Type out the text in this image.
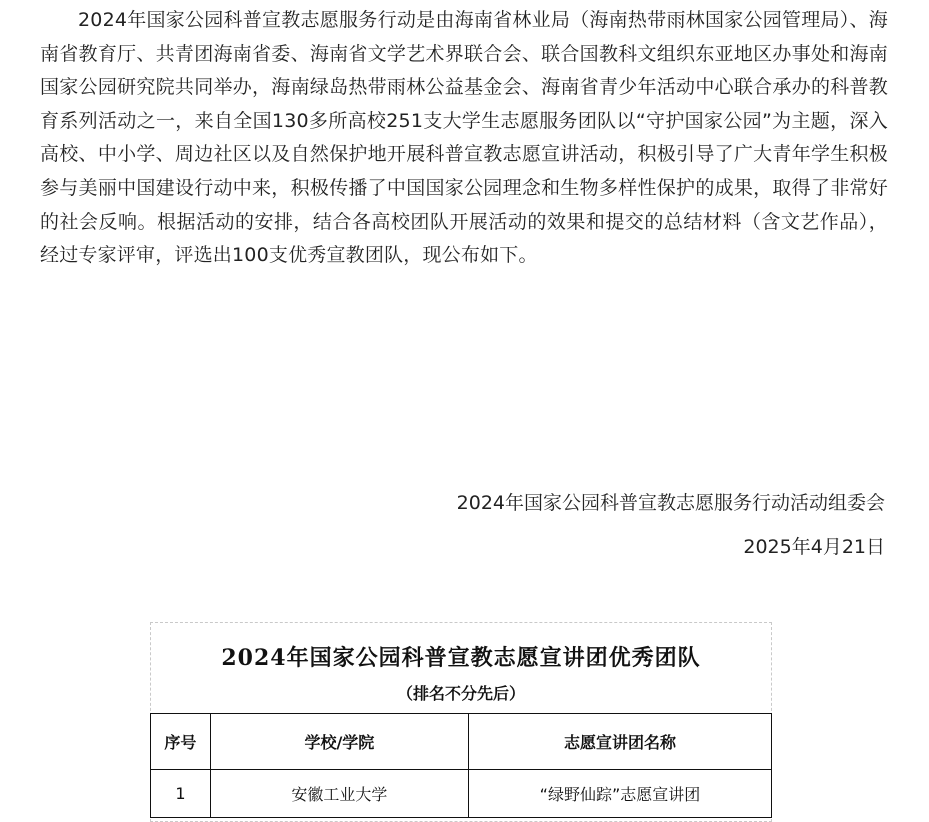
2024年国家公园科普宣教志愿服务行动是由海南省林业局（海南热带雨林国家公园管理局）、海南省教育厅、共青团海南省委、海南省文学艺术界联合会、联合国教科文组织东亚地区办事处和海南国家公园研究院共同举办，海南绿岛热带雨林公益基金会、海南省青少年活动中心联合承办的科普教育系列活动之一，来自全国130多所高校251支大学生志愿服务团队以“守护国家公园”为主题，深入高校、中小学、周边社区以及自然保护地开展科普宣教志愿宣讲活动，积极引导了广大青年学生积极参与美丽中国建设行动中来，积极传播了中国国家公园理念和生物多样性保护的成果，取得了非常好的社会反响。根据活动的安排，结合各高校团队开展活动的效果和提交的总结材料（含文艺作品），经过专家评审，评选出100支优秀宣教团队，现公布如下。

2024年国家公园科普宣教志愿服务行动活动组委会
2025年4月21日
2024年国家公园科普宣教志愿宣讲团优秀团队
（排名不分先后）
序号	学校/学院	志愿宣讲团名称
1	安徽工业大学	“绿野仙踪”志愿宣讲团
